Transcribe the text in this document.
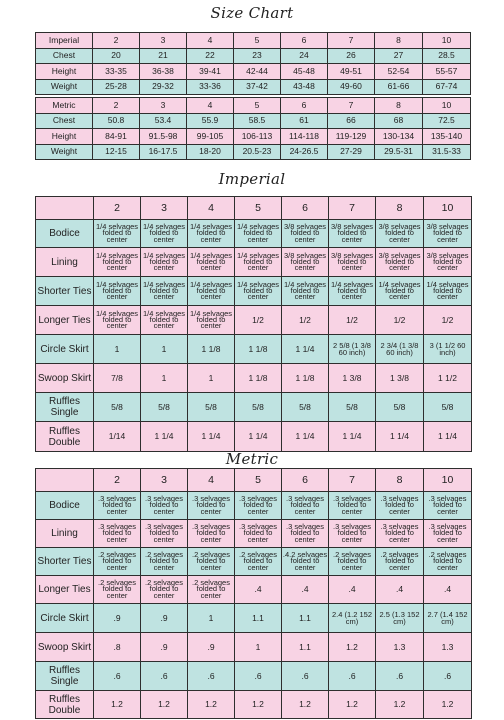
Size Chart
Imperial	2	3	4	5	6	7	8	10
Chest	20	21	22	23	24	26	27	28.5
Height	33-35	36-38	39-41	42-44	45-48	49-51	52-54	55-57
Weight	25-28	29-32	33-36	37-42	43-48	49-60	61-66	67-74
Metric	2	3	4	5	6	7	8	10
Chest	50.8	53.4	55.9	58.5	61	66	68	72.5
Height	84-91	91.5-98	99-105	106-113	114-118	119-129	130-134	135-140
Weight	12-15	16-17.5	18-20	20.5-23	24-26.5	27-29	29.5-31	31.5-33
Imperial
	2	3	4	5	6	7	8	10
Bodice	1/4 selvages folded to center	1/4 selvages folded to center	1/4 selvages folded to center	1/4 selvages folded to center	3/8 selvages folded to center	3/8 selvages folded to center	3/8 selvages folded to center	3/8 selvages folded to center
Lining	1/4 selvages folded to center	1/4 selvages folded to center	1/4 selvages folded to center	1/4 selvages folded to center	3/8 selvages folded to center	3/8 selvages folded to center	3/8 selvages folded to center	3/8 selvages folded to center
Shorter Ties	1/4 selvages folded to center	1/4 selvages folded to center	1/4 selvages folded to center	1/4 selvages folded to center	1/4 selvages folded to center	1/4 selvages folded to center	1/4 selvages folded to center	1/4 selvages folded to center
Longer Ties	1/4 selvages folded to center	1/4 selvages folded to center	1/4 selvages folded to center	1/2	1/2	1/2	1/2	1/2
Circle Skirt	1	1	1 1/8	1 1/8	1 1/4	2 5/8 (1 3/8 60 inch)	2 3/4 (1 3/8 60 inch)	3 (1 1/2 60 inch)
Swoop Skirt	7/8	1	1	1 1/8	1 1/8	1 3/8	1 3/8	1 1/2
Ruffles Single	5/8	5/8	5/8	5/8	5/8	5/8	5/8	5/8
Ruffles Double	1/14	1 1/4	1 1/4	1 1/4	1 1/4	1 1/4	1 1/4	1 1/4
Metric
	2	3	4	5	6	7	8	10
Bodice	.3 selvages folded to center	.3 selvages folded to center	.3 selvages folded to center	.3 selvages folded to center	.3 selvages folded to center	.3 selvages folded to center	.3 selvages folded to center	.3 selvages folded to center
Lining	.3 selvages folded to center	.3 selvages folded to center	.3 selvages folded to center	.3 selvages folded to center	.3 selvages folded to center	.3 selvages folded to center	.3 selvages folded to center	.3 selvages folded to center
Shorter Ties	.2 selvages folded to center	.2 selvages folded to center	.2 selvages folded to center	.2 selvages folded to center	.4.2 selvages folded to center	.2 selvages folded to center	.2 selvages folded to center	.2 selvages folded to center
Longer Ties	.2 selvages folded to center	.2 selvages folded to center	.2 selvages folded to center	.4	.4	.4	.4	.4
Circle Skirt	.9	.9	1	1.1	1.1	2.4 (1.2 152 cm)	2.5 (1.3 152 cm)	2.7 (1.4 152 cm)
Swoop Skirt	.8	.9	.9	1	1.1	1.2	1.3	1.3
Ruffles Single	.6	.6	.6	.6	.6	.6	.6	.6
Ruffles Double	1.2	1.2	1.2	1.2	1.2	1.2	1.2	1.2
